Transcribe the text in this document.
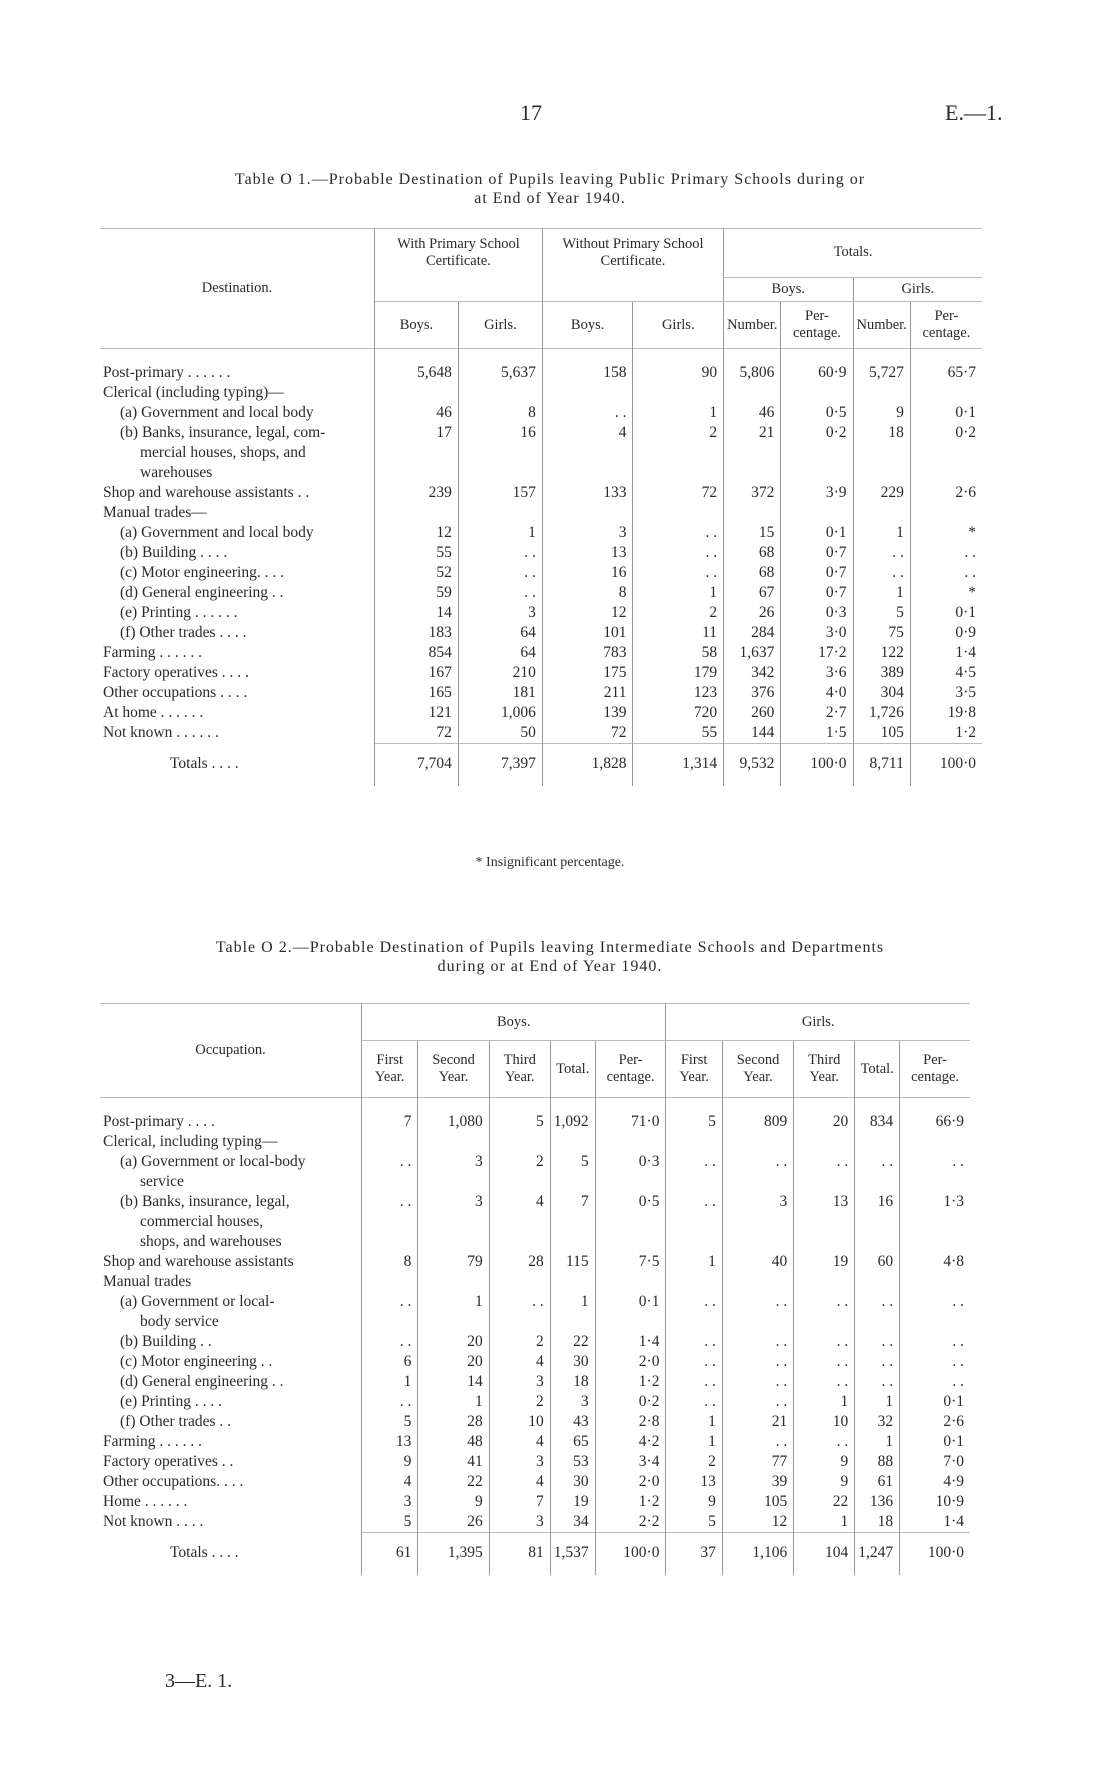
17	E.—1.
Table O 1.—Probable Destination of Pupils leaving Public Primary Schools during or
at End of Year 1940.
Destination.	With Primary School Certificate.		Without Primary School Certificate.		Totals.			
					Boys.		Girls.	
	Boys.	Girls.	Boys.	Girls.	Number.	Per-centage.	Number.	Per-centage.
Post-primary . . . . . .	5,648	5,637	158	90	5,806	60·9	5,727	65·7
Clerical (including typing)—								
(a) Government and local body	46	8	. .	1	46	0·5	9	0·1
(b) Banks, insurance, legal, com-	17	16	4	2	21	0·2	18	0·2
mercial houses, shops, and								
warehouses								
Shop and warehouse assistants . .	239	157	133	72	372	3·9	229	2·6
Manual trades—								
(a) Government and local body	12	1	3	. .	15	0·1	1	*
(b) Building . . . .	55	. .	13	. .	68	0·7	. .	. .
(c) Motor engineering. . . .	52	. .	16	. .	68	0·7	. .	. .
(d) General engineering . .	59	. .	8	1	67	0·7	1	*
(e) Printing . . . . . .	14	3	12	2	26	0·3	5	0·1
(f) Other trades . . . .	183	64	101	11	284	3·0	75	0·9
Farming . . . . . .	854	64	783	58	1,637	17·2	122	1·4
Factory operatives . . . .	167	210	175	179	342	3·6	389	4·5
Other occupations . . . .	165	181	211	123	376	4·0	304	3·5
At home . . . . . .	121	1,006	139	720	260	2·7	1,726	19·8
Not known . . . . . .	72	50	72	55	144	1·5	105	1·2
Totals . . . .	7,704	7,397	1,828	1,314	9,532	100·0	8,711	100·0
* Insignificant percentage.
Table O 2.—Probable Destination of Pupils leaving Intermediate Schools and Departments
during or at End of Year 1940.
Occupation.	Boys.					Girls.				
	First Year.	Second Year.	Third Year.	Total.	Per-centage.	First Year.	Second Year.	Third Year.	Total.	Per-centage.
Post-primary . . . .	7	1,080	5	1,092	71·0	5	809	20	834	66·9
Clerical, including typing—										
(a) Government or local-body	. .	3	2	5	0·3	. .	. .	. .	. .	. .
service										
(b) Banks, insurance, legal,	. .	3	4	7	0·5	. .	3	13	16	1·3
commercial houses,										
shops, and warehouses										
Shop and warehouse assistants	8	79	28	115	7·5	1	40	19	60	4·8
Manual trades										
(a) Government or local-	. .	1	. .	1	0·1	. .	. .	. .	. .	. .
body service										
(b) Building . .	. .	20	2	22	1·4	. .	. .	. .	. .	. .
(c) Motor engineering . .	6	20	4	30	2·0	. .	. .	. .	. .	. .
(d) General engineering . .	1	14	3	18	1·2	. .	. .	. .	. .	. .
(e) Printing . . . .	. .	1	2	3	0·2	. .	. .	1	1	0·1
(f) Other trades . .	5	28	10	43	2·8	1	21	10	32	2·6
Farming . . . . . .	13	48	4	65	4·2	1	. .	. .	1	0·1
Factory operatives . .	9	41	3	53	3·4	2	77	9	88	7·0
Other occupations. . . .	4	22	4	30	2·0	13	39	9	61	4·9
Home . . . . . .	3	9	7	19	1·2	9	105	22	136	10·9
Not known . . . .	5	26	3	34	2·2	5	12	1	18	1·4
Totals . . . .	61	1,395	81	1,537	100·0	37	1,106	104	1,247	100·0
3—E. 1.
